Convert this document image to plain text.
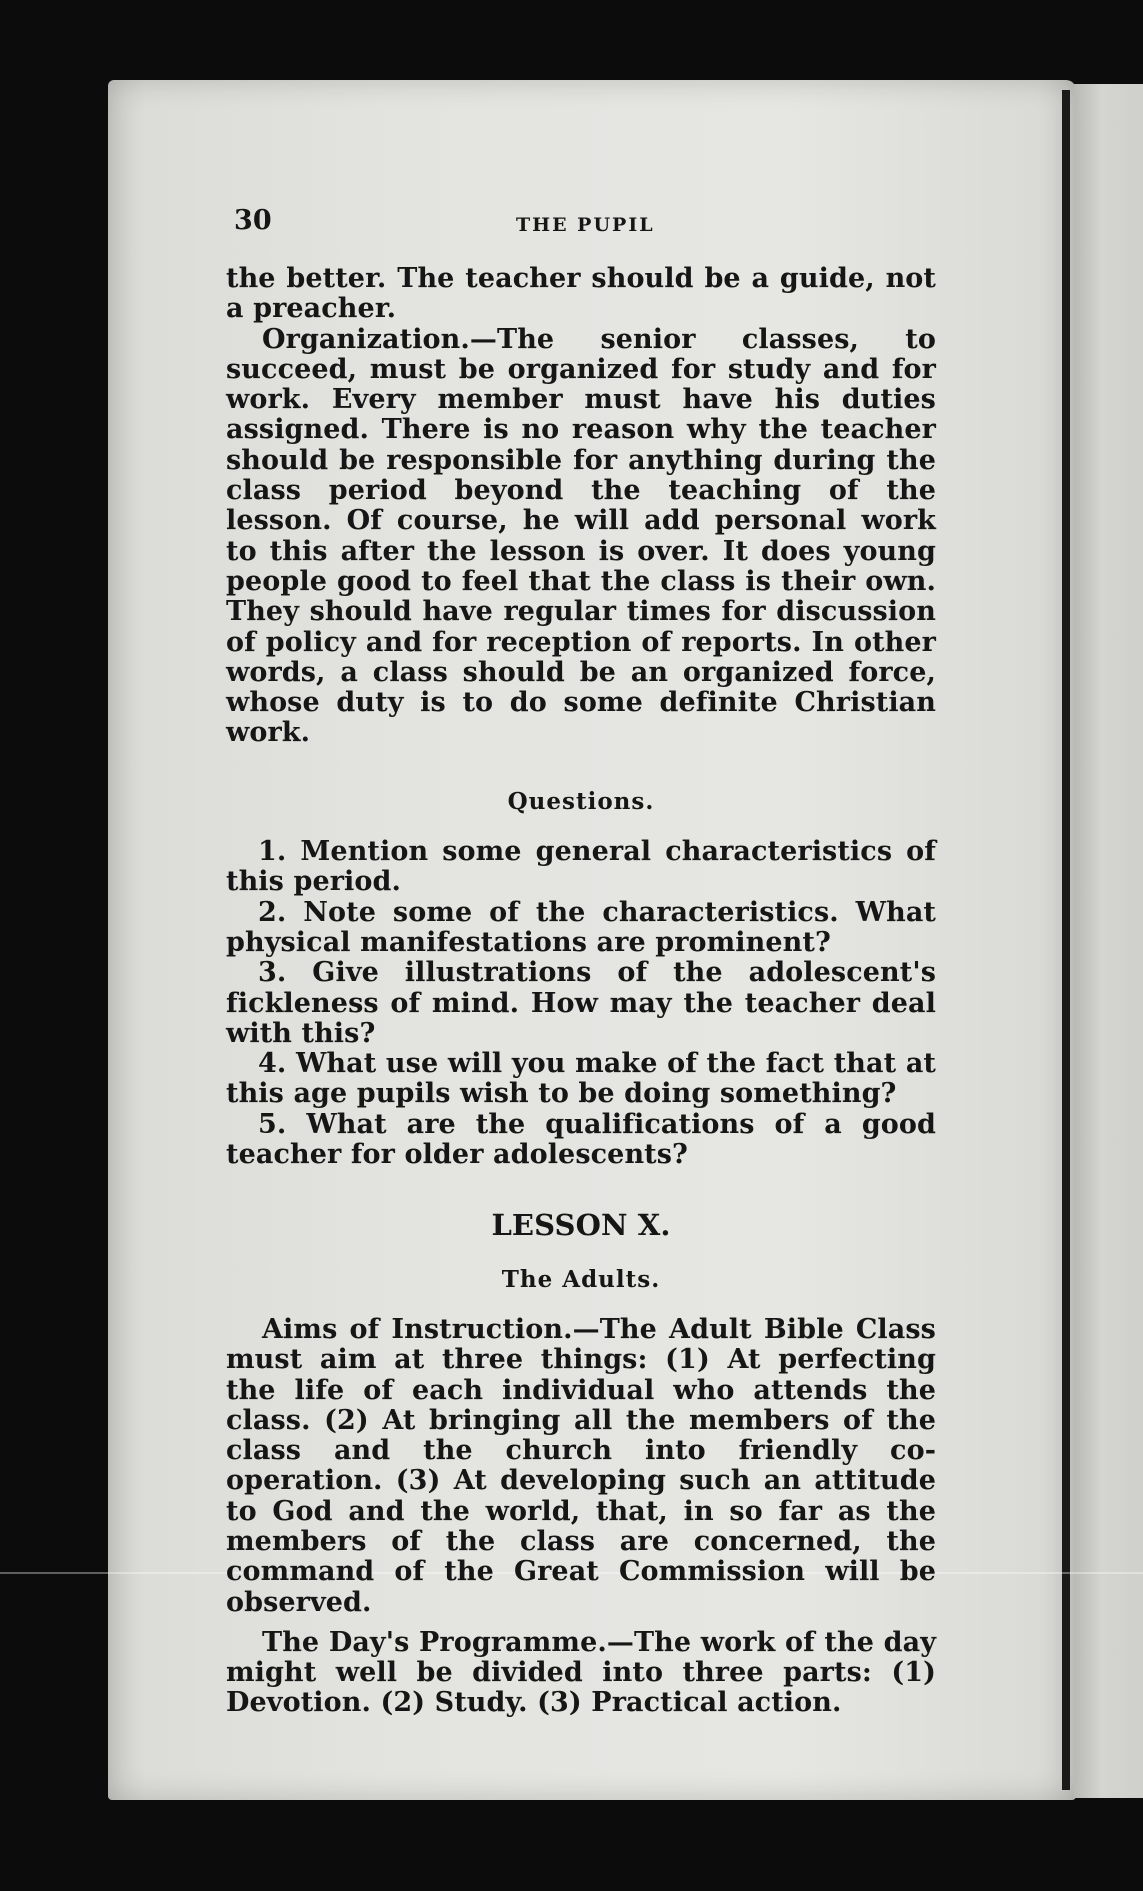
30	THE PUPIL

the better. The teacher should be a guide, not a preacher.

Organization.—The senior classes, to succeed, must be organized for study and for work. Every member must have his duties assigned. There is no reason why the teacher should be responsible for anything during the class period beyond the teaching of the lesson. Of course, he will add personal work to this after the lesson is over. It does young people good to feel that the class is their own. They should have regular times for discussion of policy and for reception of reports. In other words, a class should be an organized force, whose duty is to do some definite Christian work.

Questions.

1. Mention some general characteristics of this period.

2. Note some of the characteristics. What physical manifestations are prominent?

3. Give illustrations of the adolescent's fickleness of mind. How may the teacher deal with this?

4. What use will you make of the fact that at this age pupils wish to be doing something?

5. What are the qualifications of a good teacher for older adolescents?

LESSON X.
The Adults.

Aims of Instruction.—The Adult Bible Class must aim at three things: (1) At perfecting the life of each individual who attends the class. (2) At bringing all the members of the class and the church into friendly co-operation. (3) At developing such an attitude to God and the world, that, in so far as the members of the class are concerned, the command of the Great Commission will be observed.

The Day's Programme.—The work of the day might well be divided into three parts: (1) Devotion. (2) Study. (3) Practical action.
